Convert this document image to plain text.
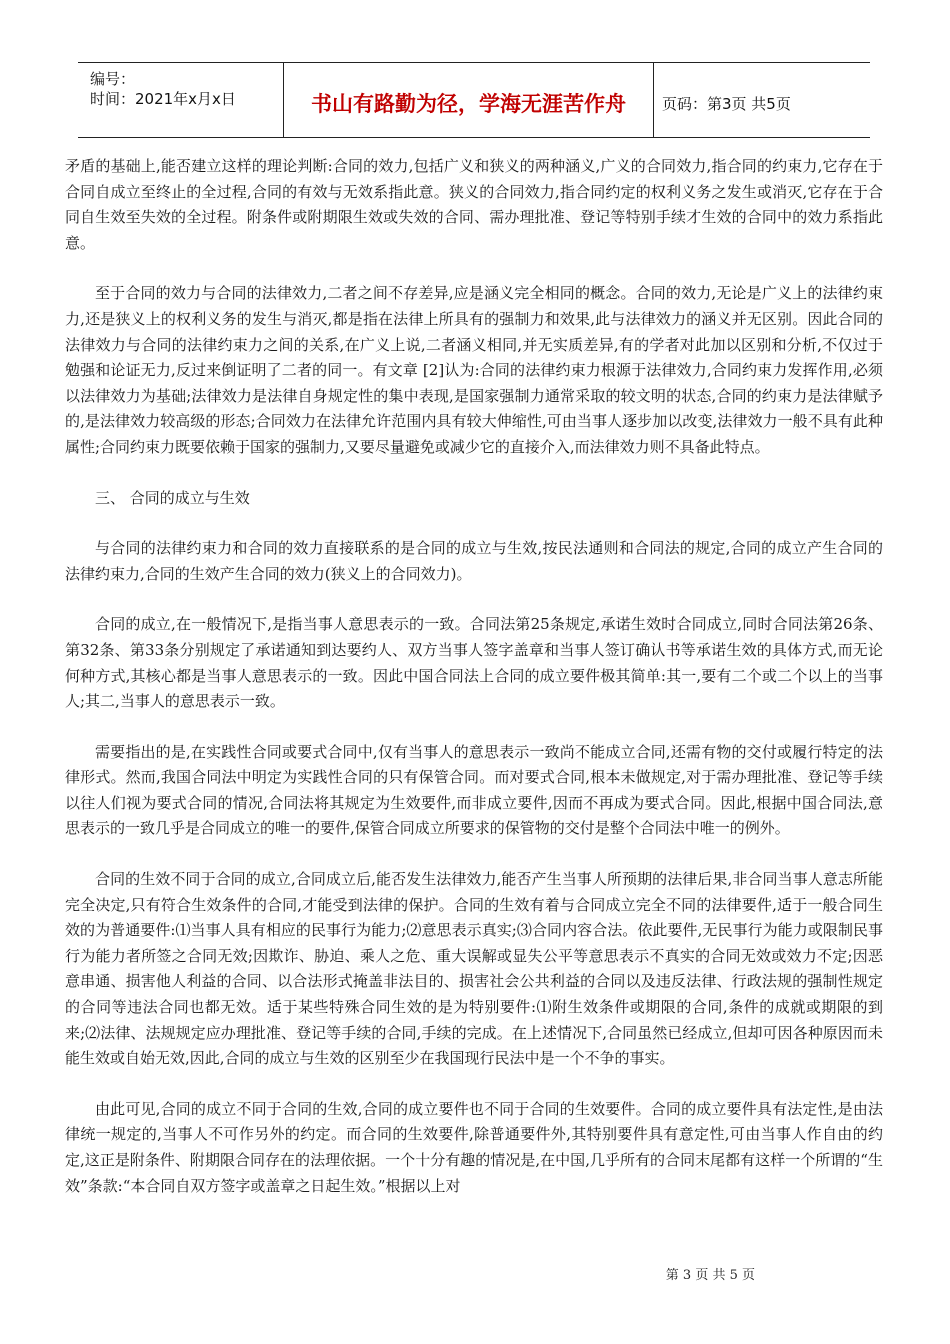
编号：
时间：2021年x月x日	书山有路勤为径，学海无涯苦作舟	页码：第3页 共5页

矛盾的基础上,能否建立这样的理论判断:合同的效力,包括广义和狭义的两种涵义,广义的合同效力,指合同的约束力,它存在于合同自成立至终止的全过程,合同的有效与无效系指此意。狭义的合同效力,指合同约定的权利义务之发生或消灭,它存在于合同自生效至失效的全过程。附条件或附期限生效或失效的合同、需办理批准、登记等特别手续才生效的合同中的效力系指此意。

至于合同的效力与合同的法律效力,二者之间不存差异,应是涵义完全相同的概念。合同的效力,无论是广义上的法律约束力,还是狭义上的权利义务的发生与消灭,都是指在法律上所具有的强制力和效果,此与法律效力的涵义并无区别。因此合同的法律效力与合同的法律约束力之间的关系,在广义上说,二者涵义相同,并无实质差异,有的学者对此加以区别和分析,不仅过于勉强和论证无力,反过来倒证明了二者的同一。有文章 [2]认为:合同的法律约束力根源于法律效力,合同约束力发挥作用,必须以法律效力为基础;法律效力是法律自身规定性的集中表现,是国家强制力通常采取的较文明的状态,合同的约束力是法律赋予的,是法律效力较高级的形态;合同效力在法律允许范围内具有较大伸缩性,可由当事人逐步加以改变,法律效力一般不具有此种属性;合同约束力既要依赖于国家的强制力,又要尽量避免或减少它的直接介入,而法律效力则不具备此特点。

三、 合同的成立与生效

与合同的法律约束力和合同的效力直接联系的是合同的成立与生效,按民法通则和合同法的规定,合同的成立产生合同的法律约束力,合同的生效产生合同的效力(狭义上的合同效力)。

合同的成立,在一般情况下,是指当事人意思表示的一致。合同法第25条规定,承诺生效时合同成立,同时合同法第26条、第32条、第33条分别规定了承诺通知到达要约人、双方当事人签字盖章和当事人签订确认书等承诺生效的具体方式,而无论何种方式,其核心都是当事人意思表示的一致。因此中国合同法上合同的成立要件极其简单:其一,要有二个或二个以上的当事人;其二,当事人的意思表示一致。

需要指出的是,在实践性合同或要式合同中,仅有当事人的意思表示一致尚不能成立合同,还需有物的交付或履行特定的法律形式。然而,我国合同法中明定为实践性合同的只有保管合同。而对要式合同,根本未做规定,对于需办理批准、登记等手续以往人们视为要式合同的情况,合同法将其规定为生效要件,而非成立要件,因而不再成为要式合同。因此,根据中国合同法,意思表示的一致几乎是合同成立的唯一的要件,保管合同成立所要求的保管物的交付是整个合同法中唯一的例外。

合同的生效不同于合同的成立,合同成立后,能否发生法律效力,能否产生当事人所预期的法律后果,非合同当事人意志所能完全决定,只有符合生效条件的合同,才能受到法律的保护。合同的生效有着与合同成立完全不同的法律要件,适于一般合同生效的为普通要件:⑴当事人具有相应的民事行为能力;⑵意思表示真实;⑶合同内容合法。依此要件,无民事行为能力或限制民事行为能力者所签之合同无效;因欺诈、胁迫、乘人之危、重大误解或显失公平等意思表示不真实的合同无效或效力不定;因恶意串通、损害他人利益的合同、以合法形式掩盖非法目的、损害社会公共利益的合同以及违反法律、行政法规的强制性规定的合同等违法合同也都无效。适于某些特殊合同生效的是为特别要件:⑴附生效条件或期限的合同,条件的成就或期限的到来;⑵法律、法规规定应办理批准、登记等手续的合同,手续的完成。在上述情况下,合同虽然已经成立,但却可因各种原因而未能生效或自始无效,因此,合同的成立与生效的区别至少在我国现行民法中是一个不争的事实。

由此可见,合同的成立不同于合同的生效,合同的成立要件也不同于合同的生效要件。合同的成立要件具有法定性,是由法律统一规定的,当事人不可作另外的约定。而合同的生效要件,除普通要件外,其特别要件具有意定性,可由当事人作自由的约定,这正是附条件、附期限合同存在的法理依据。一个十分有趣的情况是,在中国,几乎所有的合同末尾都有这样一个所谓的“生效”条款:“本合同自双方签字或盖章之日起生效。”根据以上对

第 3 页 共 5 页
